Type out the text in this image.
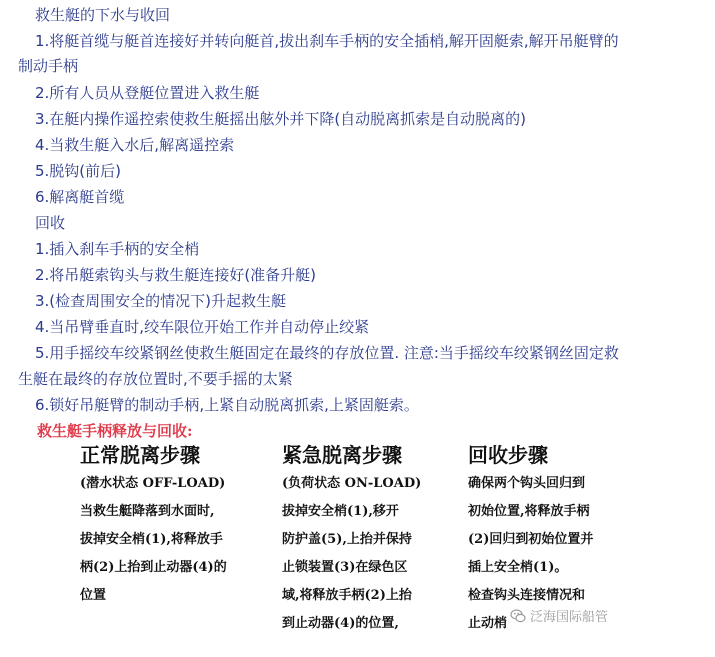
救生艇的下水与收回
1.将艇首缆与艇首连接好并转向艇首,拔出刹车手柄的安全插梢,解开固艇索,解开吊艇臂的
制动手柄
2.所有人员从登艇位置进入救生艇
3.在艇内操作遥控索使救生艇摇出舷外并下降(自动脱离抓索是自动脱离的)
4.当救生艇入水后,解离遥控索
5.脱钩(前后)
6.解离艇首缆
回收
1.插入刹车手柄的安全梢
2.将吊艇索钩头与救生艇连接好(准备升艇)
3.(检查周围安全的情况下)升起救生艇
4.当吊臂垂直时,绞车限位开始工作并自动停止绞紧
5.用手摇绞车绞紧钢丝使救生艇固定在最终的存放位置. 注意:当手摇绞车绞紧钢丝固定救
生艇在最终的存放位置时,不要手摇的太紧
6.锁好吊艇臂的制动手柄,上紧自动脱离抓索,上紧固艇索。
救生艇手柄释放与回收:
正常脱离步骤
(潜水状态 OFF-LOAD)
当救生艇降落到水面时,
拔掉安全梢(1),将释放手
柄(2)上抬到止动器(4)的
位置
紧急脱离步骤
(负荷状态 ON-LOAD)
拔掉安全梢(1),移开
防护盖(5),上抬并保持
止锁装置(3)在绿色区
域,将释放手柄(2)上抬
到止动器(4)的位置,
回收步骤
确保两个钩头回归到
初始位置,将释放手柄
(2)回归到初始位置并
插上安全梢(1)。
检查钩头连接情况和
止动梢	泛海国际船管
